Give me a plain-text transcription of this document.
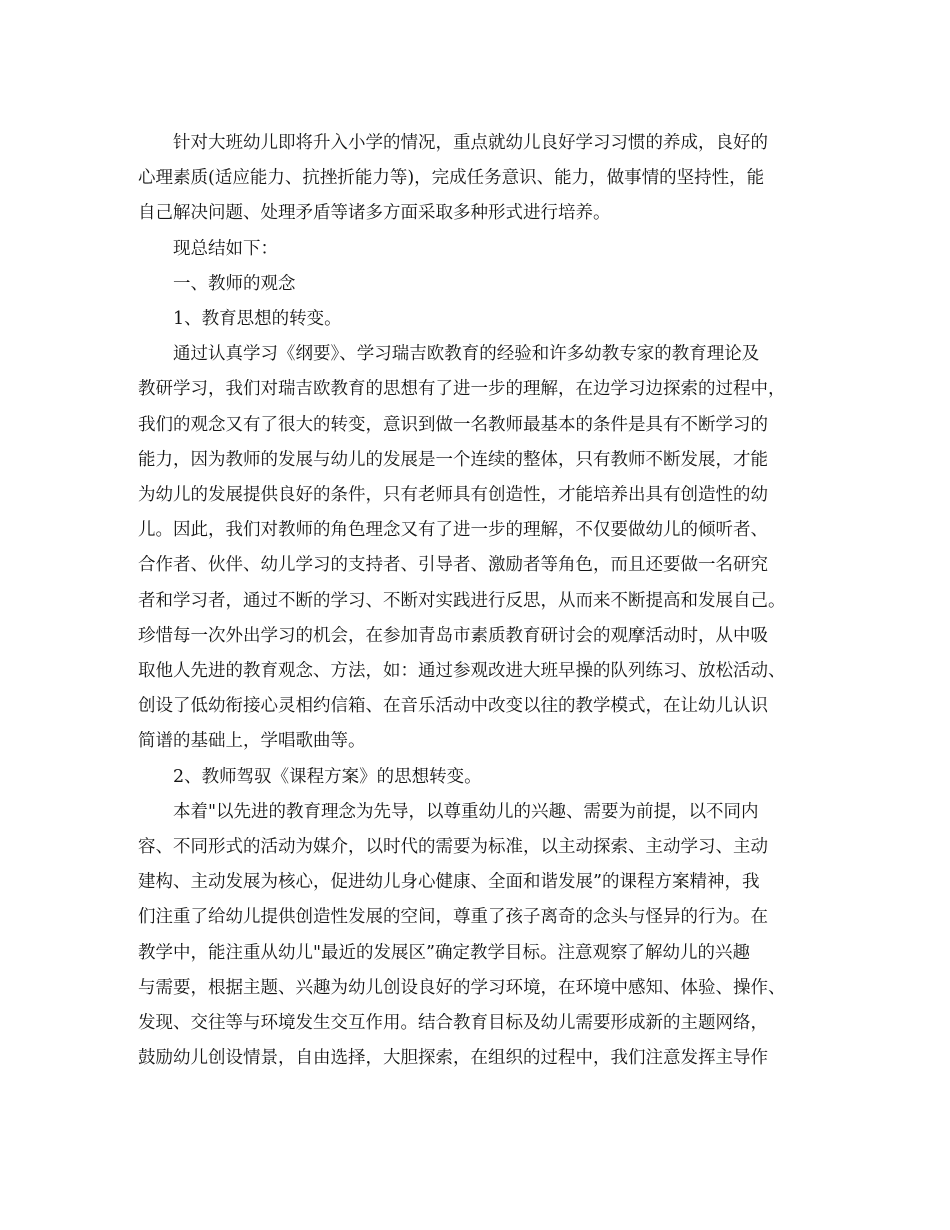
针对大班幼儿即将升入小学的情况，重点就幼儿良好学习习惯的养成，良好的
心理素质(适应能力、抗挫折能力等)，完成任务意识、能力，做事情的坚持性，能
自己解决问题、处理矛盾等诸多方面采取多种形式进行培养。

现总结如下：

一、教师的观念

1、教育思想的转变。

通过认真学习《纲要》、学习瑞吉欧教育的经验和许多幼教专家的教育理论及
教研学习，我们对瑞吉欧教育的思想有了进一步的理解，在边学习边探索的过程中，
我们的观念又有了很大的转变，意识到做一名教师最基本的条件是具有不断学习的
能力，因为教师的发展与幼儿的发展是一个连续的整体，只有教师不断发展，才能
为幼儿的发展提供良好的条件，只有老师具有创造性，才能培养出具有创造性的幼
儿。因此，我们对教师的角色理念又有了进一步的理解，不仅要做幼儿的倾听者、
合作者、伙伴、幼儿学习的支持者、引导者、激励者等角色，而且还要做一名研究
者和学习者，通过不断的学习、不断对实践进行反思，从而来不断提高和发展自己。
珍惜每一次外出学习的机会，在参加青岛市素质教育研讨会的观摩活动时，从中吸
取他人先进的教育观念、方法，如：通过参观改进大班早操的队列练习、放松活动、
创设了低幼衔接心灵相约信箱、在音乐活动中改变以往的教学模式，在让幼儿认识
简谱的基础上，学唱歌曲等。

2、教师驾驭《课程方案》的思想转变。

本着"以先进的教育理念为先导，以尊重幼儿的兴趣、需要为前提，以不同内
容、不同形式的活动为媒介，以时代的需要为标准，以主动探索、主动学习、主动
建构、主动发展为核心，促进幼儿身心健康、全面和谐发展”的课程方案精神，我
们注重了给幼儿提供创造性发展的空间，尊重了孩子离奇的念头与怪异的行为。在
教学中，能注重从幼儿"最近的发展区”确定教学目标。注意观察了解幼儿的兴趣
与需要，根据主题、兴趣为幼儿创设良好的学习环境，在环境中感知、体验、操作、
发现、交往等与环境发生交互作用。结合教育目标及幼儿需要形成新的主题网络，
鼓励幼儿创设情景，自由选择，大胆探索，在组织的过程中，我们注意发挥主导作
